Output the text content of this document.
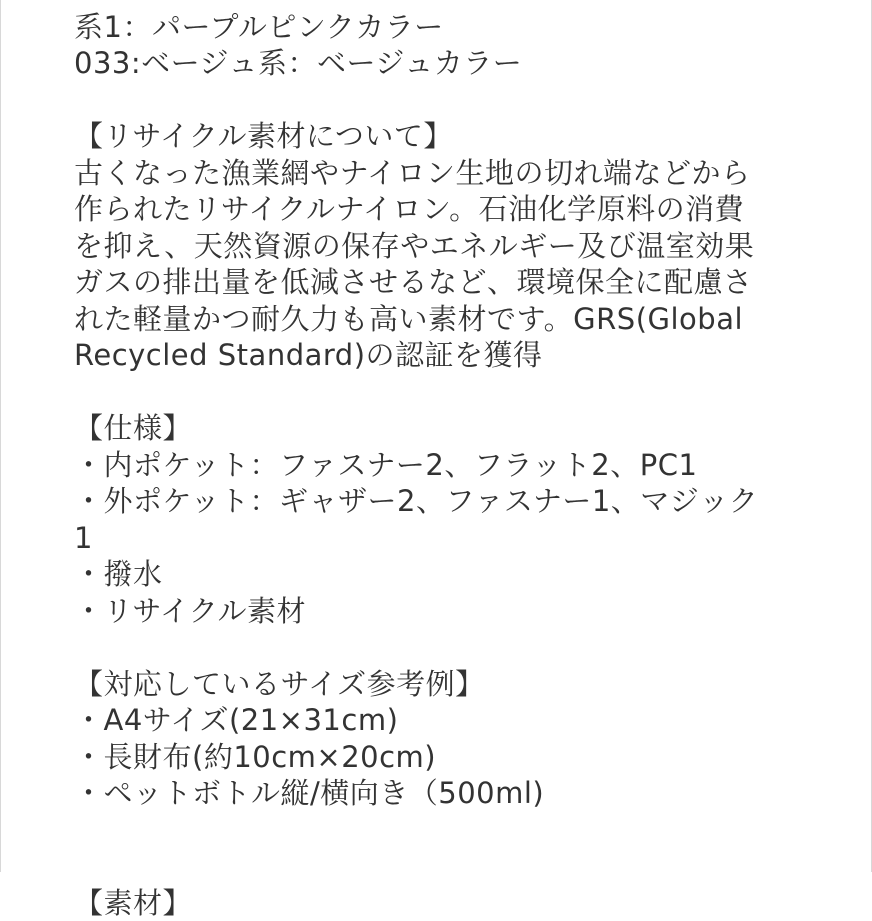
系1：パープルピンクカラー
033:ベージュ系：ベージュカラー
【リサイクル素材について】
古くなった漁業網やナイロン生地の切れ端などから
作られたリサイクルナイロン。石油化学原料の消費
を抑え、天然資源の保存やエネルギー及び温室効果
ガスの排出量を低減させるなど、環境保全に配慮さ
れた軽量かつ耐久力も高い素材です。GRS(Global
Recycled Standard)の認証を獲得
【仕様】
・内ポケット：ファスナー2、フラット2、PC1
・外ポケット：ギャザー2、ファスナー1、マジック
1
・撥水
・リサイクル素材
【対応しているサイズ参考例】
・A4サイズ(21×31cm)
・長財布(約10cm×20cm)
・ペットボトル縦/横向き（500ml)
【素材】
